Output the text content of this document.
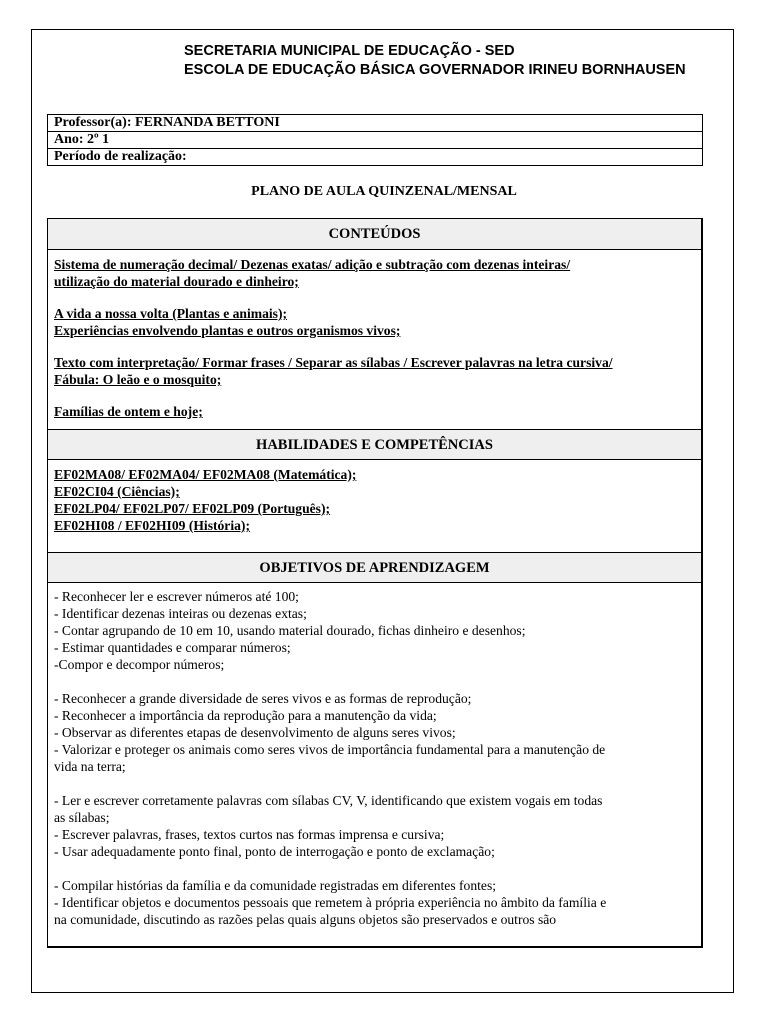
SECRETARIA MUNICIPAL DE EDUCAÇÃO - SED
ESCOLA DE EDUCAÇÃO BÁSICA GOVERNADOR IRINEU BORNHAUSEN
Professor(a): FERNANDA BETTONI
Ano: 2º 1
Período de realização:
PLANO DE AULA QUINZENAL/MENSAL
CONTEÚDOS
Sistema de numeração decimal/ Dezenas exatas/ adição e subtração com dezenas inteiras/
utilização do material dourado e dinheiro;
A vida a nossa volta (Plantas e animais);
Experiências envolvendo plantas e outros organismos vivos;
Texto com interpretação/ Formar frases / Separar as sílabas / Escrever palavras na letra cursiva/
Fábula: O leão e o mosquito;
Famílias de ontem e hoje;
HABILIDADES E COMPETÊNCIAS
EF02MA08/ EF02MA04/ EF02MA08 (Matemática);
EF02CI04 (Ciências);
EF02LP04/ EF02LP07/ EF02LP09 (Português);
EF02HI08 / EF02HI09 (História);
OBJETIVOS DE APRENDIZAGEM
- Reconhecer ler e escrever números até 100;
- Identificar dezenas inteiras ou dezenas extas;
- Contar agrupando de 10 em 10, usando material dourado, fichas dinheiro e desenhos;
- Estimar quantidades e comparar números;
-Compor e decompor números;
- Reconhecer a grande diversidade de seres vivos e as formas de reprodução;
- Reconhecer a importância da reprodução para a manutenção da vida;
- Observar as diferentes etapas de desenvolvimento de alguns seres vivos;
- Valorizar e proteger os animais como seres vivos de importância fundamental para a manutenção de
vida na terra;
- Ler e escrever corretamente palavras com sílabas CV, V, identificando que existem vogais em todas
as sílabas;
- Escrever palavras, frases, textos curtos nas formas imprensa e cursiva;
- Usar adequadamente ponto final, ponto de interrogação e ponto de exclamação;
- Compilar histórias da família e da comunidade registradas em diferentes fontes;
- Identificar objetos e documentos pessoais que remetem à própria experiência no âmbito da família e
na comunidade, discutindo as razões pelas quais alguns objetos são preservados e outros são
